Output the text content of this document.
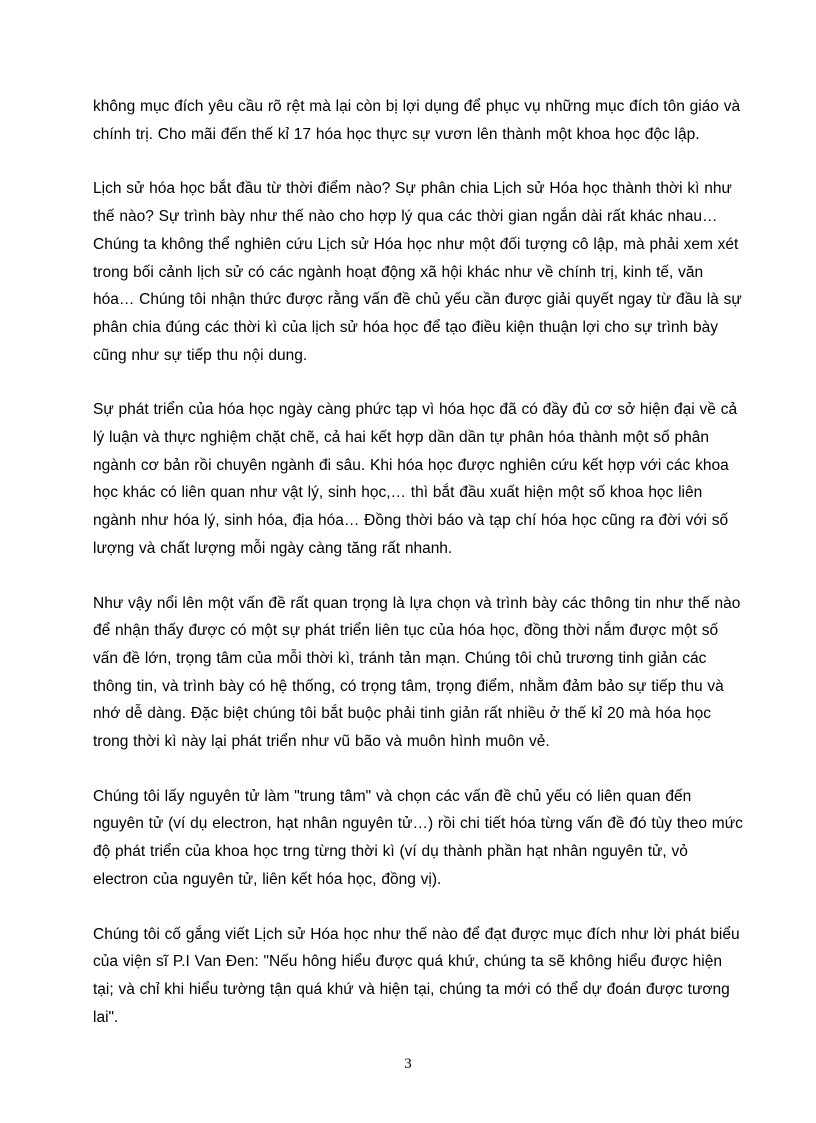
không mục đích yêu cầu rõ rệt mà lại còn bị lợi dụng để phục vụ những mục đích tôn giáo và chính trị. Cho mãi đến thế kỉ 17 hóa học thực sự vươn lên thành một khoa học độc lập.

Lịch sử hóa học bắt đầu từ thời điểm nào? Sự phân chia Lịch sử Hóa học thành thời kì như thế nào? Sự trình bày như thế nào cho hợp lý qua các thời gian ngắn dài rất khác nhau… Chúng ta không thể nghiên cứu Lịch sử Hóa học như một đối tượng cô lập, mà phải xem xét trong bối cảnh lịch sử có các ngành hoạt động xã hội khác như về chính trị, kinh tế, văn hóa… Chúng tôi nhận thức được rằng vấn đề chủ yếu cần được giải quyết ngay từ đầu là sự phân chia đúng các thời kì của lịch sử hóa học để tạo điều kiện thuận lợi cho sự trình bày cũng như sự tiếp thu nội dung.

Sự phát triển của hóa học ngày càng phức tạp vì hóa học đã có đầy đủ cơ sở hiện đại về cả lý luận và thực nghiệm chặt chẽ, cả hai kết hợp dần dần tự phân hóa thành một số phân ngành cơ bản rồi chuyên ngành đi sâu. Khi hóa học được nghiên cứu kết hợp với các khoa học khác có liên quan như vật lý, sinh học,… thì bắt đầu xuất hiện một số khoa học liên ngành như hóa lý, sinh hóa, địa hóa… Đồng thời báo và tạp chí hóa học cũng ra đời với số lượng và chất lượng mỗi ngày càng tăng rất nhanh.

Như vậy nổi lên một vấn đề rất quan trọng là lựa chọn và trình bày các thông tin như thế nào để nhận thấy được có một sự phát triển liên tục của hóa học, đồng thời nắm được một số vấn đề lớn, trọng tâm của mỗi thời kì, tránh tản mạn. Chúng tôi chủ trương tinh giản các thông tin, và trình bày có hệ thống, có trọng tâm, trọng điểm, nhằm đảm bảo sự tiếp thu và nhớ dễ dàng. Đặc biệt chúng tôi bắt buộc phải tinh giản rất nhiều ở thế kỉ 20 mà hóa học trong thời kì này lại phát triển như vũ bão và muôn hình muôn vẻ.

Chúng tôi lấy nguyên tử làm "trung tâm" và chọn các vấn đề chủ yếu có liên quan đến nguyên tử (ví dụ electron, hạt nhân nguyên tử…) rồi chi tiết hóa từng vấn đề đó tùy theo mức độ phát triển của khoa học trng từng thời kì (ví dụ thành phần hạt nhân nguyên tử, vỏ electron của nguyên tử, liên kết hóa học, đồng vị).

Chúng tôi cố gắng viết Lịch sử Hóa học như thế nào để đạt được mục đích như lời phát biểu của viện sĩ P.I Van Đen: "Nếu hông hiểu được quá khứ, chúng ta sẽ không hiểu được hiện tại; và chỉ khi hiểu tường tận quá khứ và hiện tại, chúng ta mới có thể dự đoán được tương lai".

3
